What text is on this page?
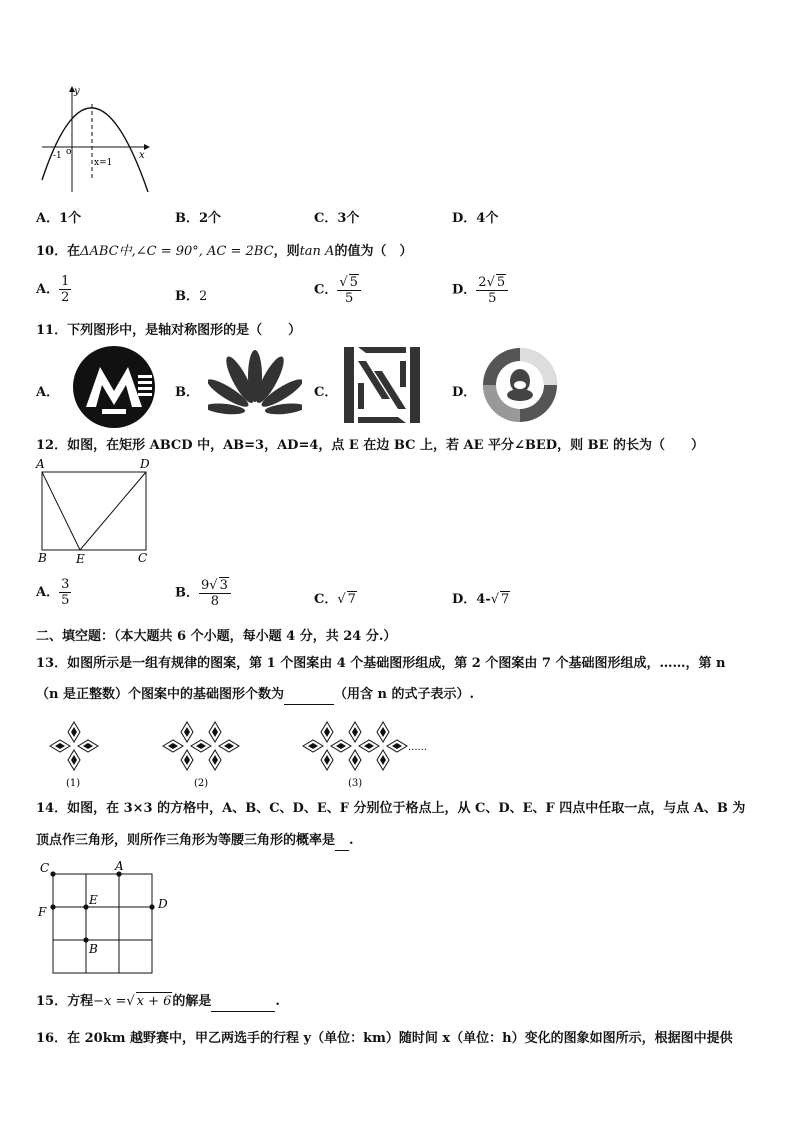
y
x
-1 o
x=1
A．1个	B．2个	C．3个	D．4个
10．在ΔABC中,∠C = 90°, AC = 2BC，则tan A的值为（　）
A． $\frac{1}{2}$	B．2	C． $\frac{√ 5}{5}$	D． $\frac{2√ 5}{5}$
11．下列图形中，是轴对称图形的是（　　）
A．	B．	C．	D．
12．如图，在矩形 ABCD 中，AB=3，AD=4，点 E 在边 BC 上，若 AE 平分∠BED，则 BE 的长为（　　）
A	D
B E	C
A． $\frac{3}{5}$	B． $\frac{9√ 3}{8}$	C．√ 7	D．4-√ 7
二、填空题：（本大题共 6 个小题，每小题 4 分，共 24 分.）
13．如图所示是一组有规律的图案，第 1 个图案由 4 个基础图形组成，第 2 个图案由 7 个基础图形组成，……，第 n
（n 是正整数）个图案中的基础图形个数为	（用含 n 的式子表示）.
(1)	(2)	(3)
......
14．如图，在 3×3 的方格中，A、B、C、D、E、F 分别位于格点上，从 C、D、E、F 四点中任取一点，与点 A、B 为
顶点作三角形，则所作三角形为等腰三角形的概率是 .
C	A
F
E	D
B
15．方程−x =√ x + 6的解是	.
16．在 20km 越野赛中，甲乙两选手的行程 y（单位：km）随时间 x（单位：h）变化的图象如图所示，根据图中提供
